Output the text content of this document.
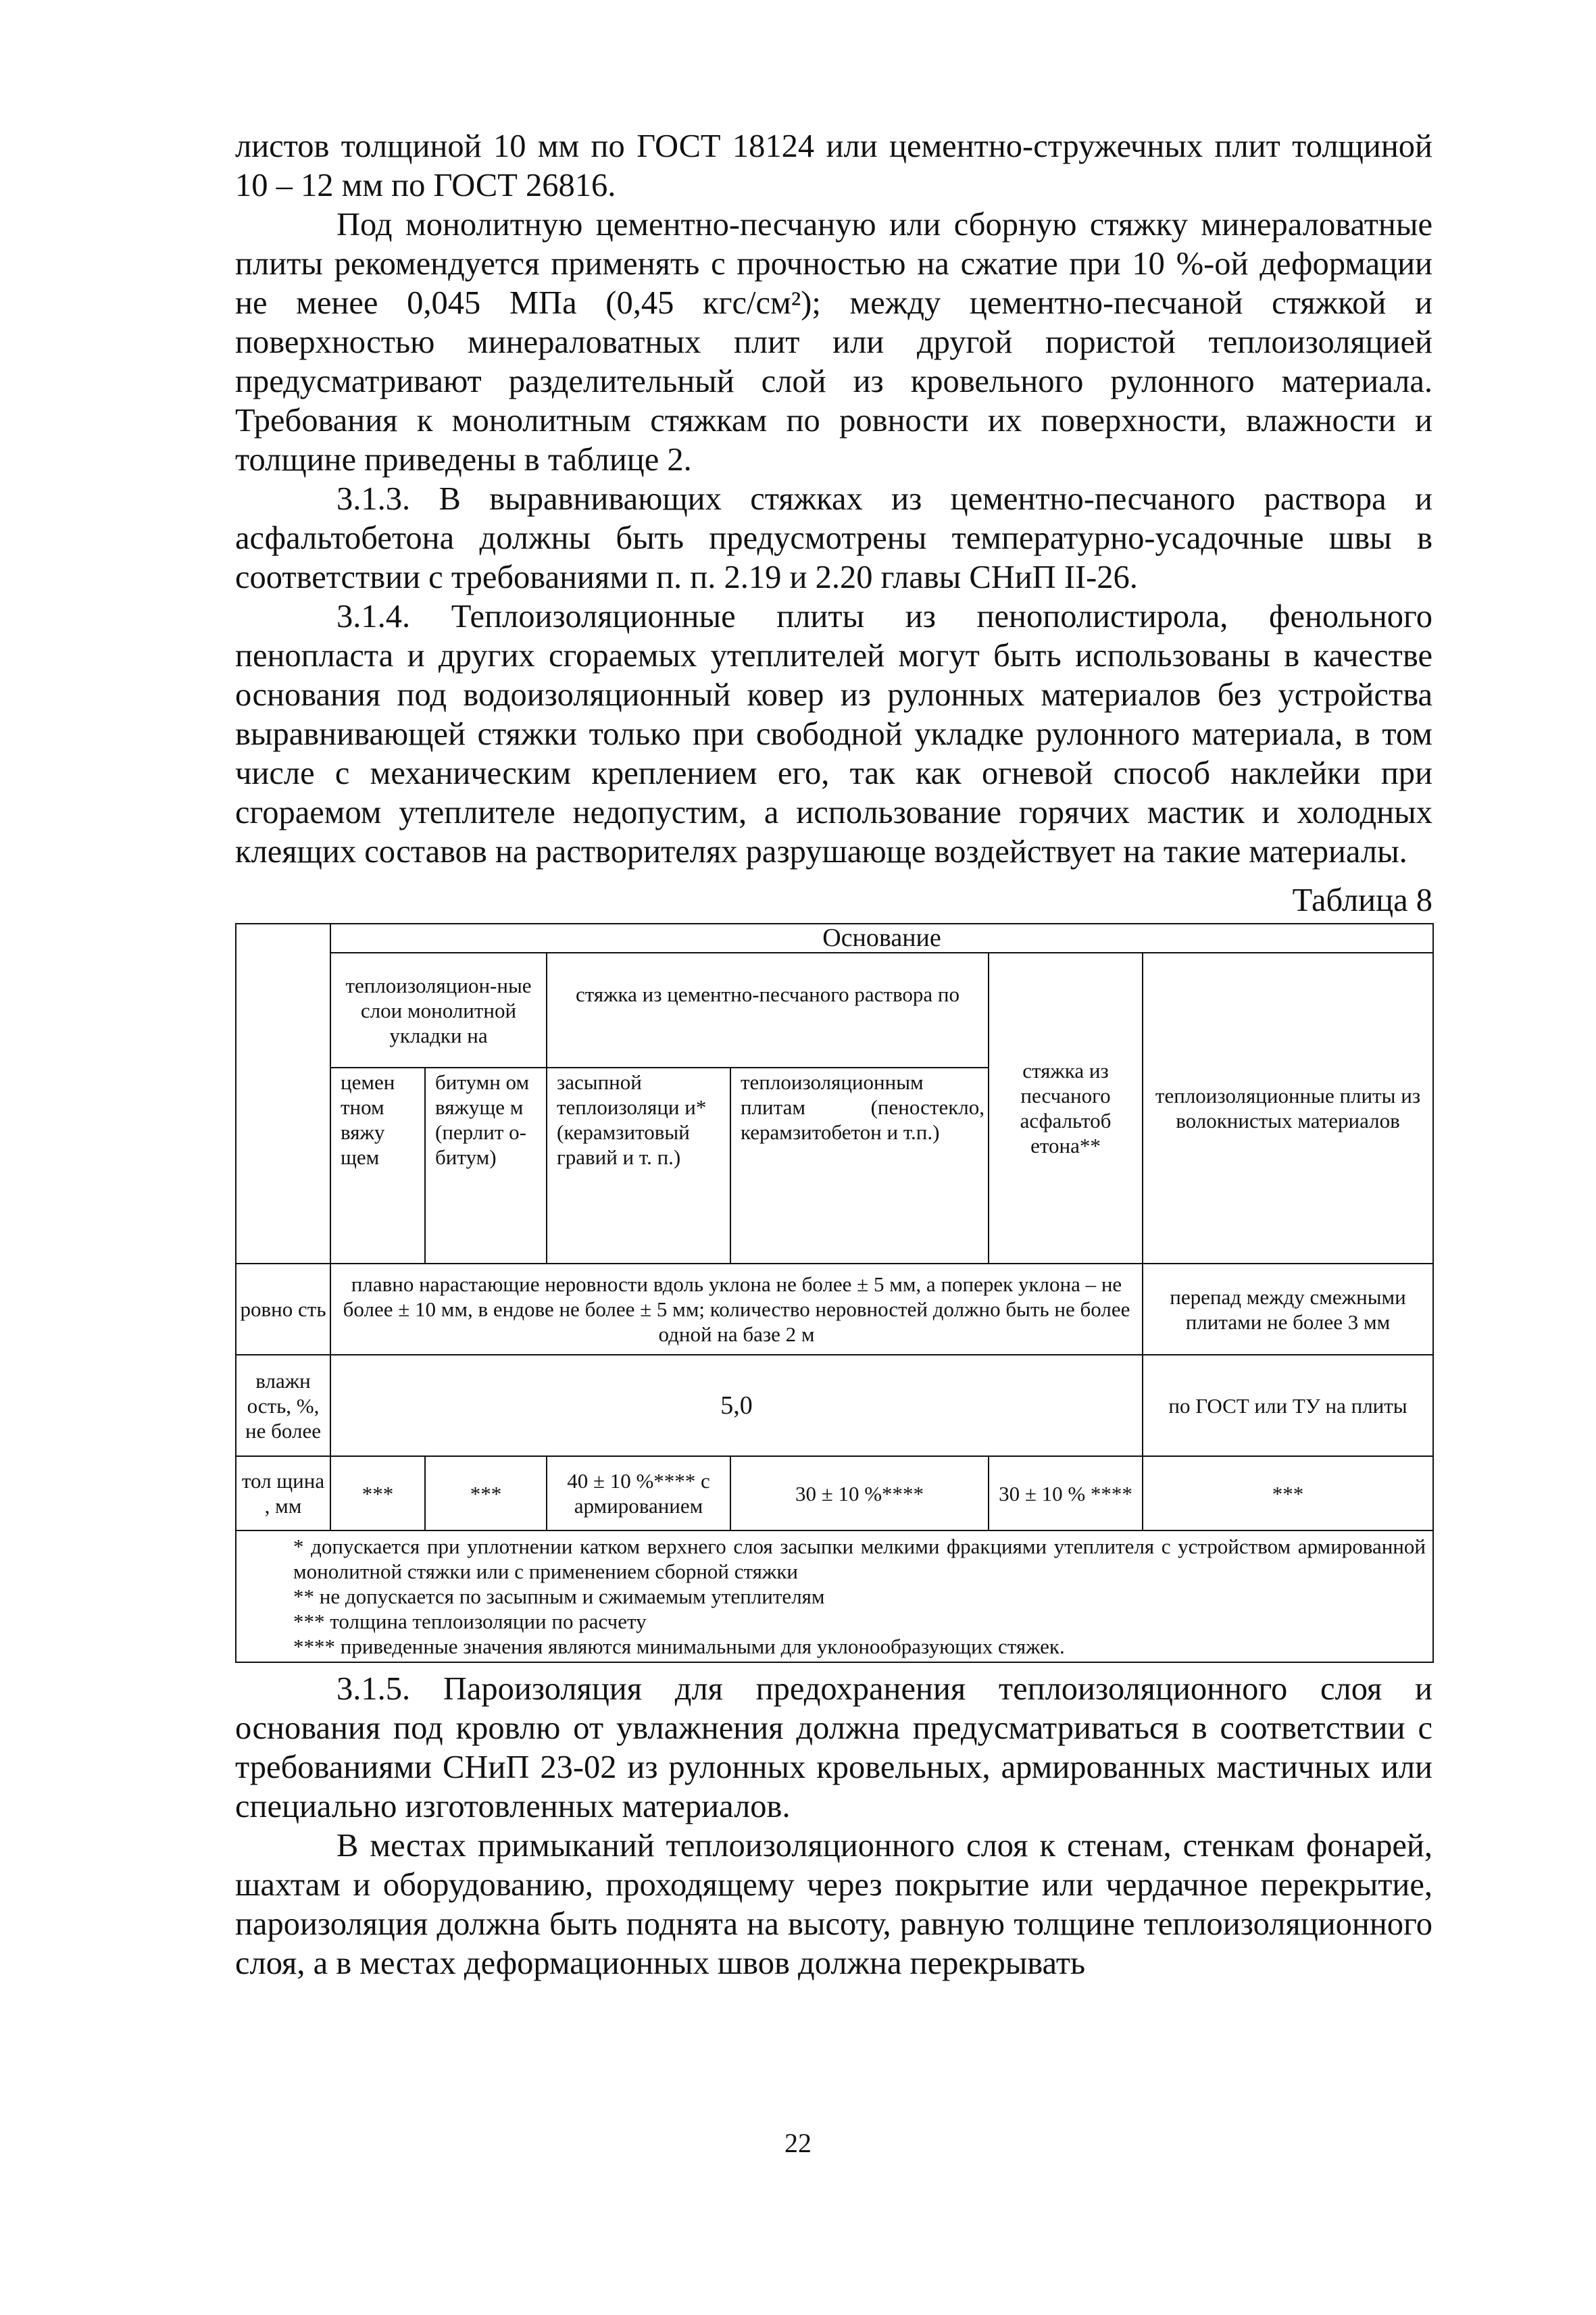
листов толщиной 10 мм по ГОСТ 18124 или цементно-стружечных плит толщиной 10 – 12 мм по ГОСТ 26816.

Под монолитную цементно-песчаную или сборную стяжку минераловатные плиты рекомендуется применять с прочностью на сжатие при 10 %-ой деформации не менее 0,045 МПа (0,45 кгс/см²); между цементно-песчаной стяжкой и поверхностью минераловатных плит или другой пористой теплоизоляцией предусматривают разделительный слой из кровельного рулонного материала. Требования к монолитным стяжкам по ровности их поверхности, влажности и толщине приведены в таблице 2.

3.1.3. В выравнивающих стяжках из цементно-песчаного раствора и асфальтобетона должны быть предусмотрены температурно-усадочные швы в соответствии с требованиями п. п. 2.19 и 2.20 главы СНиП II-26.

3.1.4. Теплоизоляционные плиты из пенополистирола, фенольного пенопласта и других сгораемых утеплителей могут быть использованы в качестве основания под водоизоляционный ковер из рулонных материалов без устройства выравнивающей стяжки только при свободной укладке рулонного материала, в том числе с механическим креплением его, так как огневой способ наклейки при сгораемом утеплителе недопустим, а использование горячих мастик и холодных клеящих составов на растворителях разрушающе воздействует на такие материалы.

Таблица 8
	Основание					
	теплоизоляцион-ные слои монолитной укладки на		стяжка из цементно-песчаного раствора по		стяжка из песчаного асфальтоб етона**	теплоизоляционные плиты из волокнистых материалов
	цемен тном вяжу щем	битумн ом вяжуще м (перлит о-битум)	засыпной теплоизоляци и* (керамзитовый гравий и т. п.)	теплоизоляционным плитам (пеностекло, керамзитобетон и т.п.)		
ровно сть	плавно нарастающие неровности вдоль уклона не более ± 5 мм, а поперек уклона – не более ± 10 мм, в ендове не более ± 5 мм; количество неровностей должно быть не более одной на базе 2 м					перепад между смежными плитами не более 3 мм
влажн ость, %, не более	5,0					по ГОСТ или ТУ на плиты
тол щина , мм	***	***	40 ± 10 %**** с армированием	30 ± 10 %****	30 ± 10 % ****	***

* допускается при уплотнении катком верхнего слоя засыпки мелкими фракциями утеплителя с устройством армированной монолитной стяжки или с применением сборной стяжки
** не допускается по засыпным и сжимаемым утеплителям
*** толщина теплоизоляции по расчету
**** приведенные значения являются минимальными для уклонообразующих стяжек.						

3.1.5. Пароизоляция для предохранения теплоизоляционного слоя и основания под кровлю от увлажнения должна предусматриваться в соответствии с требованиями СНиП 23-02 из рулонных кровельных, армированных мастичных или специально изготовленных материалов.

В местах примыканий теплоизоляционного слоя к стенам, стенкам фонарей, шахтам и оборудованию, проходящему через покрытие или чердачное перекрытие, пароизоляция должна быть поднята на высоту, равную толщине теплоизоляционного слоя, а в местах деформационных швов должна перекрывать

22
